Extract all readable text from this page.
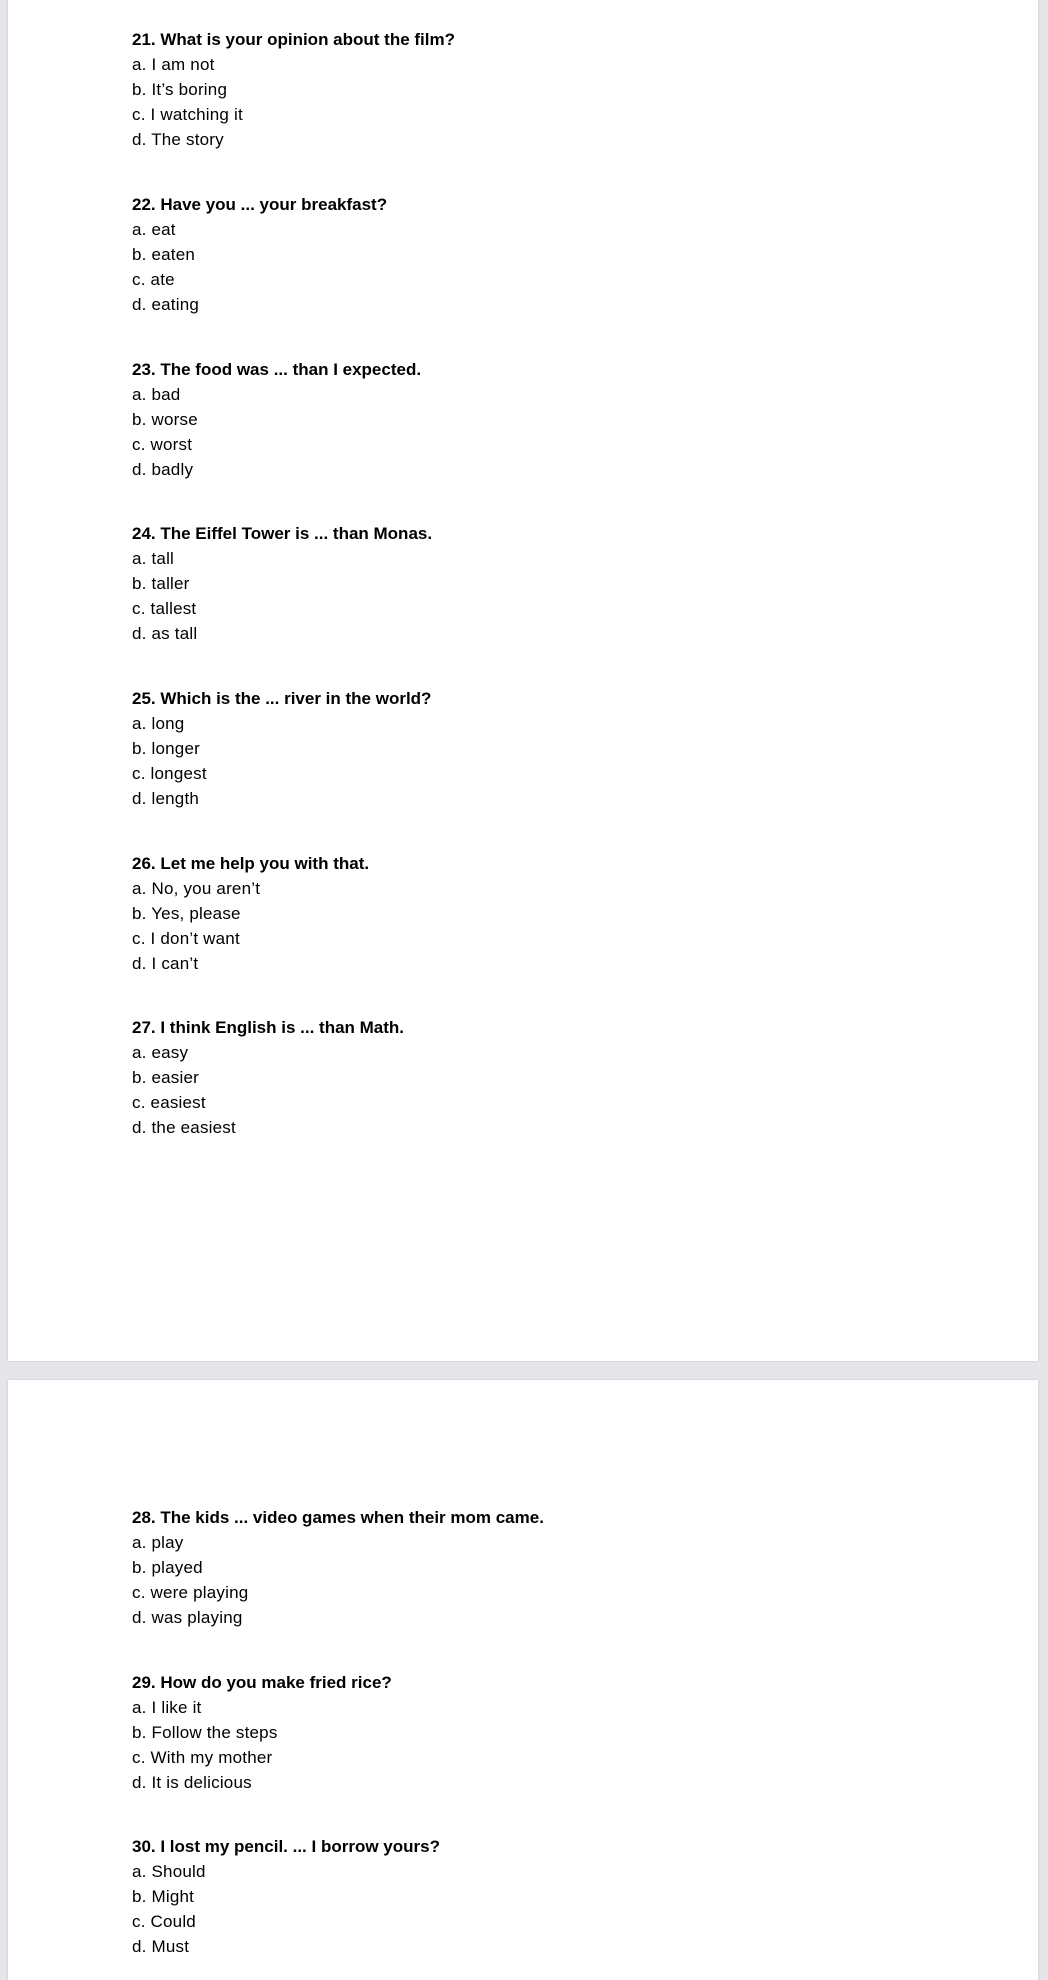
21. What is your opinion about the film?
a. I am not
b. It’s boring
c. I watching it
d. The story
22. Have you ... your breakfast?
a. eat
b. eaten
c. ate
d. eating
23. The food was ... than I expected.
a. bad
b. worse
c. worst
d. badly
24. The Eiffel Tower is ... than Monas.
a. tall
b. taller
c. tallest
d. as tall
25. Which is the ... river in the world?
a. long
b. longer
c. longest
d. length
26. Let me help you with that.
a. No, you aren’t
b. Yes, please
c. I don’t want
d. I can’t
27. I think English is ... than Math.
a. easy
b. easier
c. easiest
d. the easiest
28. The kids ... video games when their mom came.
a. play
b. played
c. were playing
d. was playing
29. How do you make fried rice?
a. I like it
b. Follow the steps
c. With my mother
d. It is delicious
30. I lost my pencil. ... I borrow yours?
a. Should
b. Might
c. Could
d. Must
